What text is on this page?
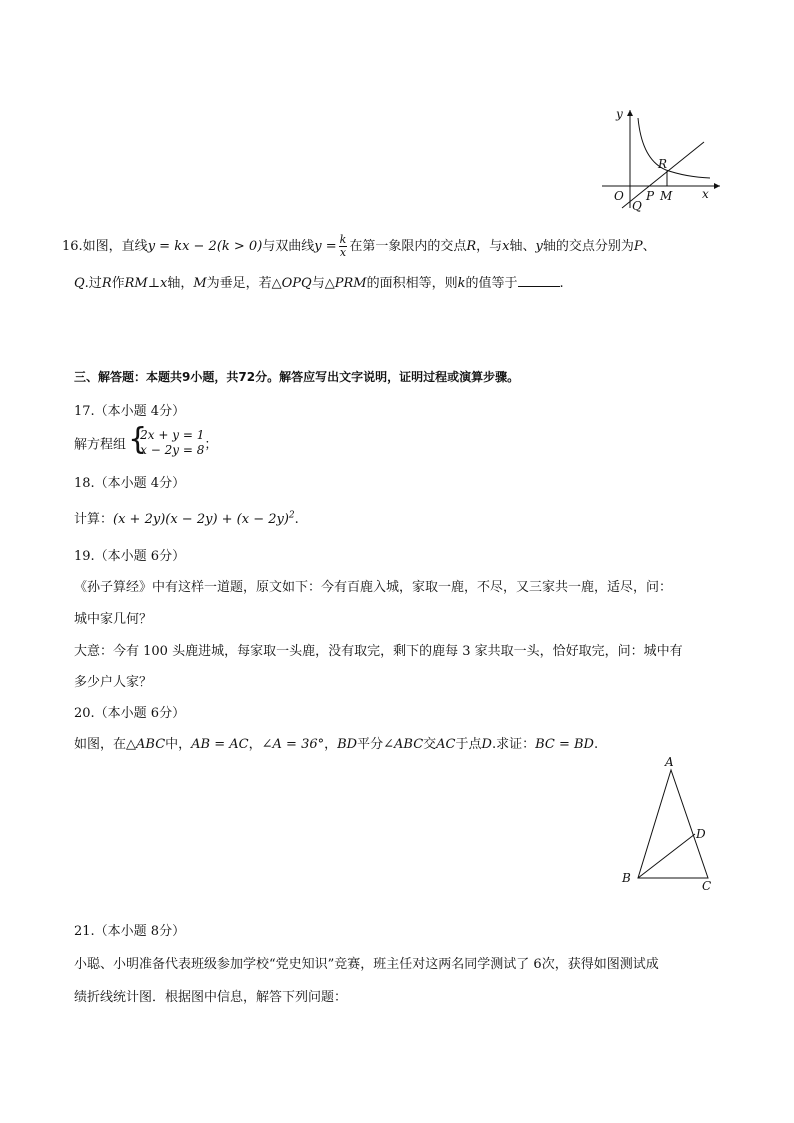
y
x
O
Q
P M
R
16.如图，直线y = kx − 2(k > 0)与双曲线$y = \frac{k}{x}$ 在第一象限内的交点R，与x轴、y轴的交点分别为P、
Q.过R作RM⊥x轴，M为垂足，若△OPQ与△PRM的面积相等，则k的值等于	.
三、解答题：本题共9小题，共72分。解答应写出文字说明，证明过程或演算步骤。
17.（本小题 4分）
解方程组 {
2x + y = 1
x − 2y = 8 ；
18.（本小题 4分）
计算：$(x + 2y)(x - 2y) + (x - 2y)^2$.
19.（本小题 6分）
《孙子算经》中有这样一道题，原文如下：今有百鹿入城，家取一鹿，不尽，又三家共一鹿，适尽，问：
城中家几何？
大意：今有 100 头鹿进城，每家取一头鹿，没有取完，剩下的鹿每 3 家共取一头，恰好取完，问：城中有
多少户人家？
20.（本小题 6分）
如图，在△ABC中，AB = AC，∠A = 36°，BD平分∠ABC交AC于点D.求证：BC = BD.
A
B
C
D
21.（本小题 8分）
小聪、小明准备代表班级参加学校“党史知识”竞赛，班主任对这两名同学测试了 6次，获得如图测试成
绩折线统计图．根据图中信息，解答下列问题：
